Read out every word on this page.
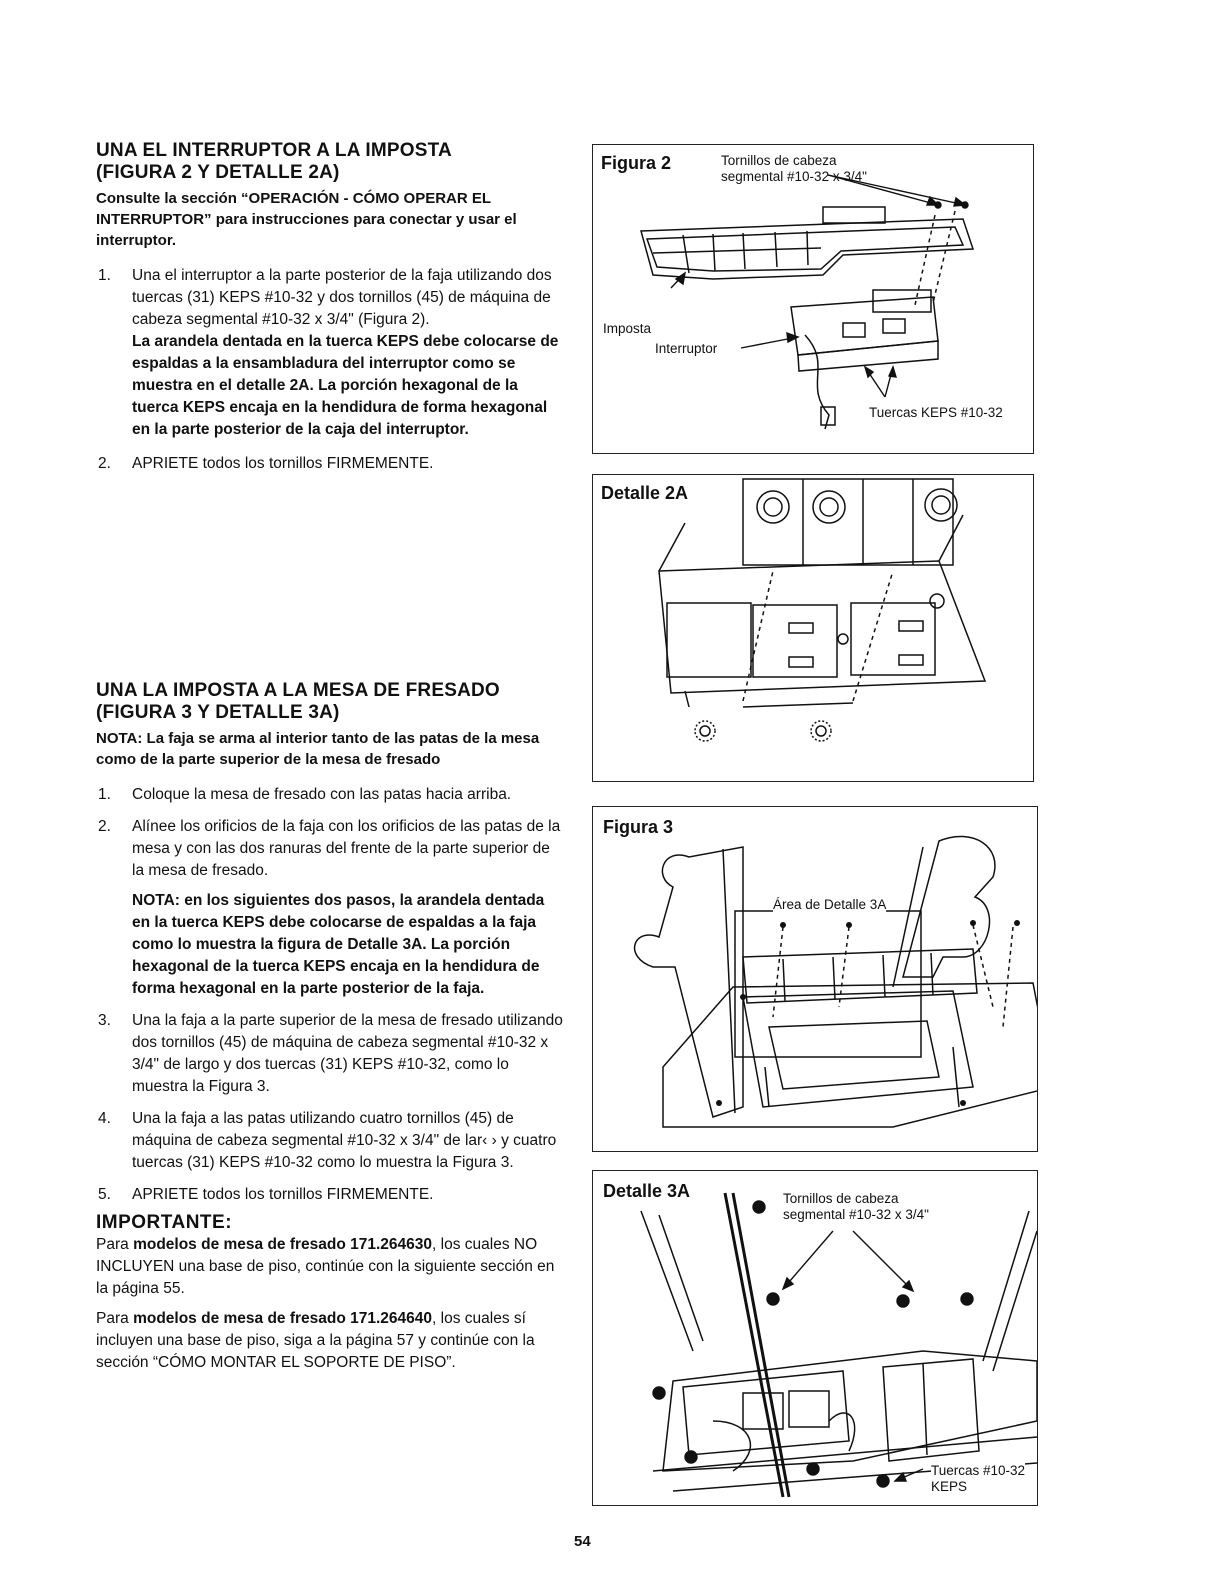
UNA EL INTERRUPTOR A LA IMPOSTA
(FIGURA 2 Y DETALLE 2A)

Consulte la sección “OPERACIÓN - CÓMO OPERAR EL INTERRUPTOR” para instrucciones para conectar y usar el interruptor.

1. Una el interruptor a la parte posterior de la faja utilizando dos tuercas (31) KEPS #10-32 y dos tornillos (45) de máquina de cabeza segmental #10-32 x 3/4" (Figura 2).
La arandela dentada en la tuerca KEPS debe colocarse de espaldas a la ensambladura del interruptor como se muestra en el detalle 2A. La porción hexagonal de la tuerca KEPS encaja en la hendidura de forma hexagonal en la parte posterior de la caja del interruptor.
2. APRIETE todos los tornillos FIRMEMENTE.
UNA LA IMPOSTA A LA MESA DE FRESADO
(FIGURA 3 Y DETALLE 3A)

NOTA: La faja se arma al interior tanto de las patas de la mesa como de la parte superior de la mesa de fresado

1. Coloque la mesa de fresado con las patas hacia arriba.
2. Alínee los orificios de la faja con los orificios de las patas de la mesa y con las dos ranuras del frente de la parte superior de la mesa de fresado.
NOTA: en los siguientes dos pasos, la arandela dentada en la tuerca KEPS debe colocarse de espaldas a la faja como lo muestra la figura de Detalle 3A. La porción hexagonal de la tuerca KEPS encaja en la hendidura de forma hexagonal en la parte posterior de la faja.
3. Una la faja a la parte superior de la mesa de fresado utilizando dos tornillos (45) de máquina de cabeza segmental #10-32 x 3/4" de largo y dos tuercas (31) KEPS #10-32, como lo muestra la Figura 3.
4. Una la faja a las patas utilizando cuatro tornillos (45) de máquina de cabeza segmental #10-32 x 3/4" de lar‹ › y cuatro tuercas (31) KEPS #10-32 como lo muestra la Figura 3.
5. APRIETE todos los tornillos FIRMEMENTE.
IMPORTANTE:
Para modelos de mesa de fresado 171.264630, los cuales NO INCLUYEN una base de piso, continúe con la siguiente sección en la página 55.
Para modelos de mesa de fresado 171.264640, los cuales sí incluyen una base de piso, siga a la página 57 y continúe con la sección “CÓMO MONTAR EL SOPORTE DE PISO”.
Figura 2	Tornillos de cabeza
segmental #10-32 x 3/4"
Imposta
Interruptor
Tuercas KEPS #10-32
Detalle 2A
Figura 3
Área de Detalle 3A
Detalle 3A	Tornillos de cabeza
segmental #10-32 x 3/4"
Tuercas #10-32
KEPS
54
